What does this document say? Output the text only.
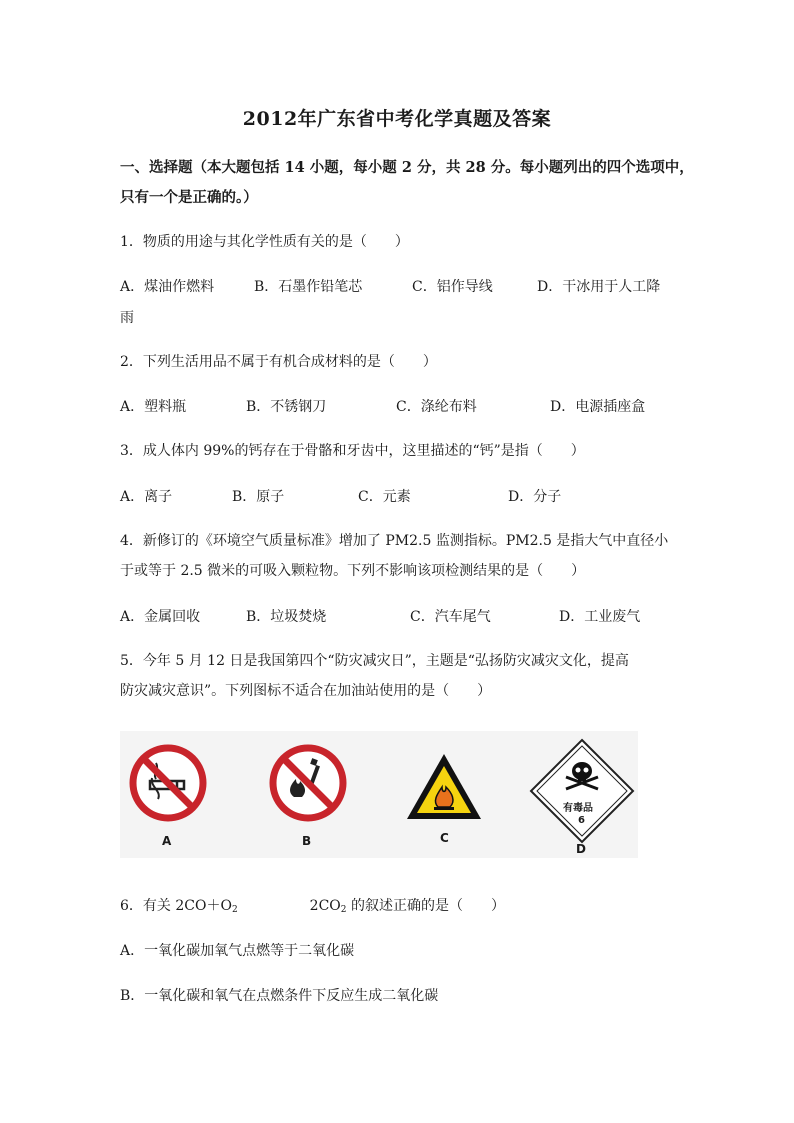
2012年广东省中考化学真题及答案
一、选择题（本大题包括 14 小题，每小题 2 分，共 28 分。每小题列出的四个选项中，
只有一个是正确的。）
1．物质的用途与其化学性质有关的是（　　）
A．煤油作燃料	B．石墨作铅笔芯	C．铝作导线	D．干冰用于人工降
雨
2．下列生活用品不属于有机合成材料的是（　　）
A．塑料瓶	B．不锈钢刀	C．涤纶布料	D．电源插座盒
3．成人体内 99%的钙存在于骨骼和牙齿中，这里描述的“钙”是指（　　）
A．离子	B．原子	C．元素	D．分子
4．新修订的《环境空气质量标准》增加了 PM2.5 监测指标。PM2.5 是指大气中直径小
于或等于 2.5 微米的可吸入颗粒物。下列不影响该项检测结果的是（　　）
A．金属回收	B．垃圾焚烧	C．汽车尾气	D．工业废气
5．今年 5 月 12 日是我国第四个“防灾减灾日”，主题是“弘扬防灾减灾文化，提高
防灾减灾意识”。下列图标不适合在加油站使用的是（　　）
A	B	C
有毒品
6
D
6．有关 $2CO+O_2$	$2CO_2$ 的叙述正确的是（　　）
A．一氧化碳加氧气点燃等于二氧化碳
B．一氧化碳和氧气在点燃条件下反应生成二氧化碳
